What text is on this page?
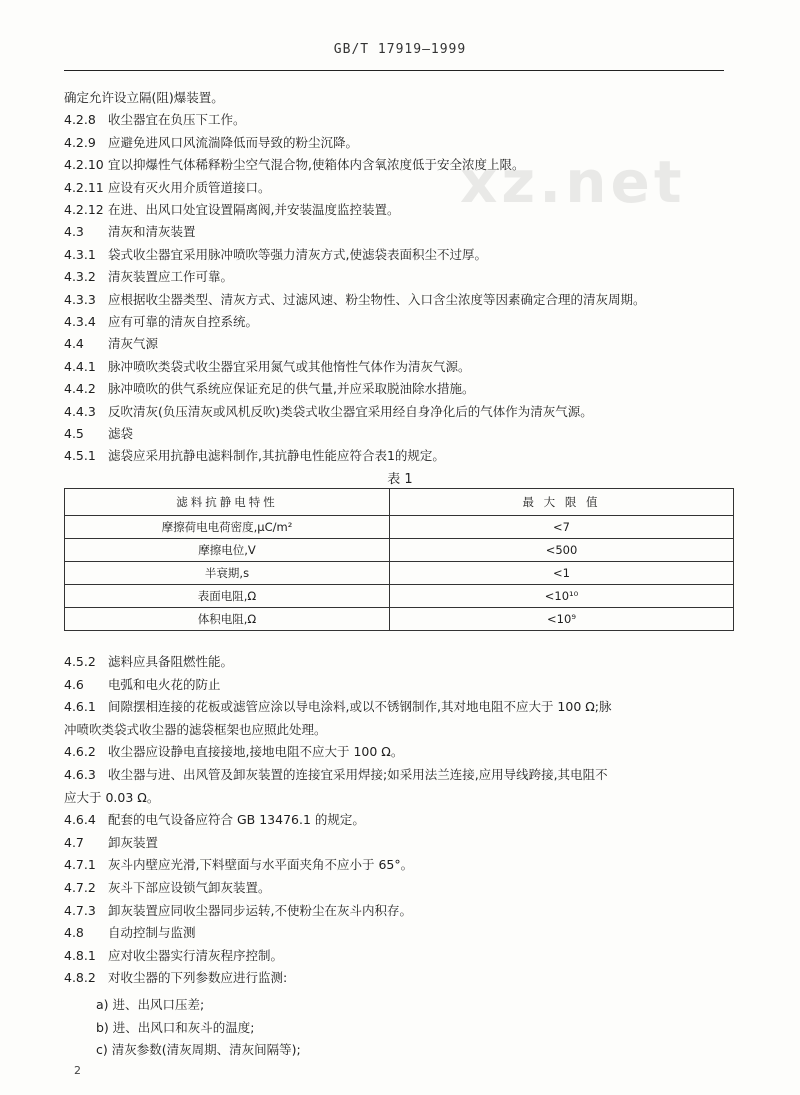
xz.net
GB/T 17919—1999
确定允许设立隔(阻)爆装置。
4.2.8 收尘器宜在负压下工作。
4.2.9 应避免进风口风流湍降低而导致的粉尘沉降。
4.2.10 宜以抑爆性气体稀释粉尘空气混合物,使箱体内含氧浓度低于安全浓度上限。
4.2.11 应设有灭火用介质管道接口。
4.2.12 在进、出风口处宜设置隔离阀,并安装温度监控装置。
4.3 清灰和清灰装置
4.3.1 袋式收尘器宜采用脉冲喷吹等强力清灰方式,使滤袋表面积尘不过厚。
4.3.2 清灰装置应工作可靠。
4.3.3 应根据收尘器类型、清灰方式、过滤风速、粉尘物性、入口含尘浓度等因素确定合理的清灰周期。
4.3.4 应有可靠的清灰自控系统。
4.4 清灰气源
4.4.1 脉冲喷吹类袋式收尘器宜采用氮气或其他惰性气体作为清灰气源。
4.4.2 脉冲喷吹的供气系统应保证充足的供气量,并应采取脱油除水措施。
4.4.3 反吹清灰(负压清灰或风机反吹)类袋式收尘器宜采用经自身净化后的气体作为清灰气源。
4.5 滤袋
4.5.1 滤袋应采用抗静电滤料制作,其抗静电性能应符合表1的规定。
表 1
滤料抗静电特性	最 大 限 值
摩擦荷电电荷密度,μC/m²	<7
摩擦电位,V	<500
半衰期,s	<1
表面电阻,Ω	<10¹⁰
体积电阻,Ω	<10⁹
4.5.2 滤料应具备阻燃性能。
4.6 电弧和电火花的防止
4.6.1 间隙摆相连接的花板或滤管应涂以导电涂料,或以不锈钢制作,其对地电阻不应大于 100 Ω;脉
冲喷吹类袋式收尘器的滤袋框架也应照此处理。
4.6.2 收尘器应设静电直接接地,接地电阻不应大于 100 Ω。
4.6.3 收尘器与进、出风管及卸灰装置的连接宜采用焊接;如采用法兰连接,应用导线跨接,其电阻不
应大于 0.03 Ω。
4.6.4 配套的电气设备应符合 GB 13476.1 的规定。
4.7 卸灰装置
4.7.1 灰斗内壁应光滑,下料壁面与水平面夹角不应小于 65°。
4.7.2 灰斗下部应设锁气卸灰装置。
4.7.3 卸灰装置应同收尘器同步运转,不使粉尘在灰斗内积存。
4.8 自动控制与监测
4.8.1 应对收尘器实行清灰程序控制。
4.8.2 对收尘器的下列参数应进行监测:
a) 进、出风口压差;
b) 进、出风口和灰斗的温度;
c) 清灰参数(清灰周期、清灰间隔等);
2
